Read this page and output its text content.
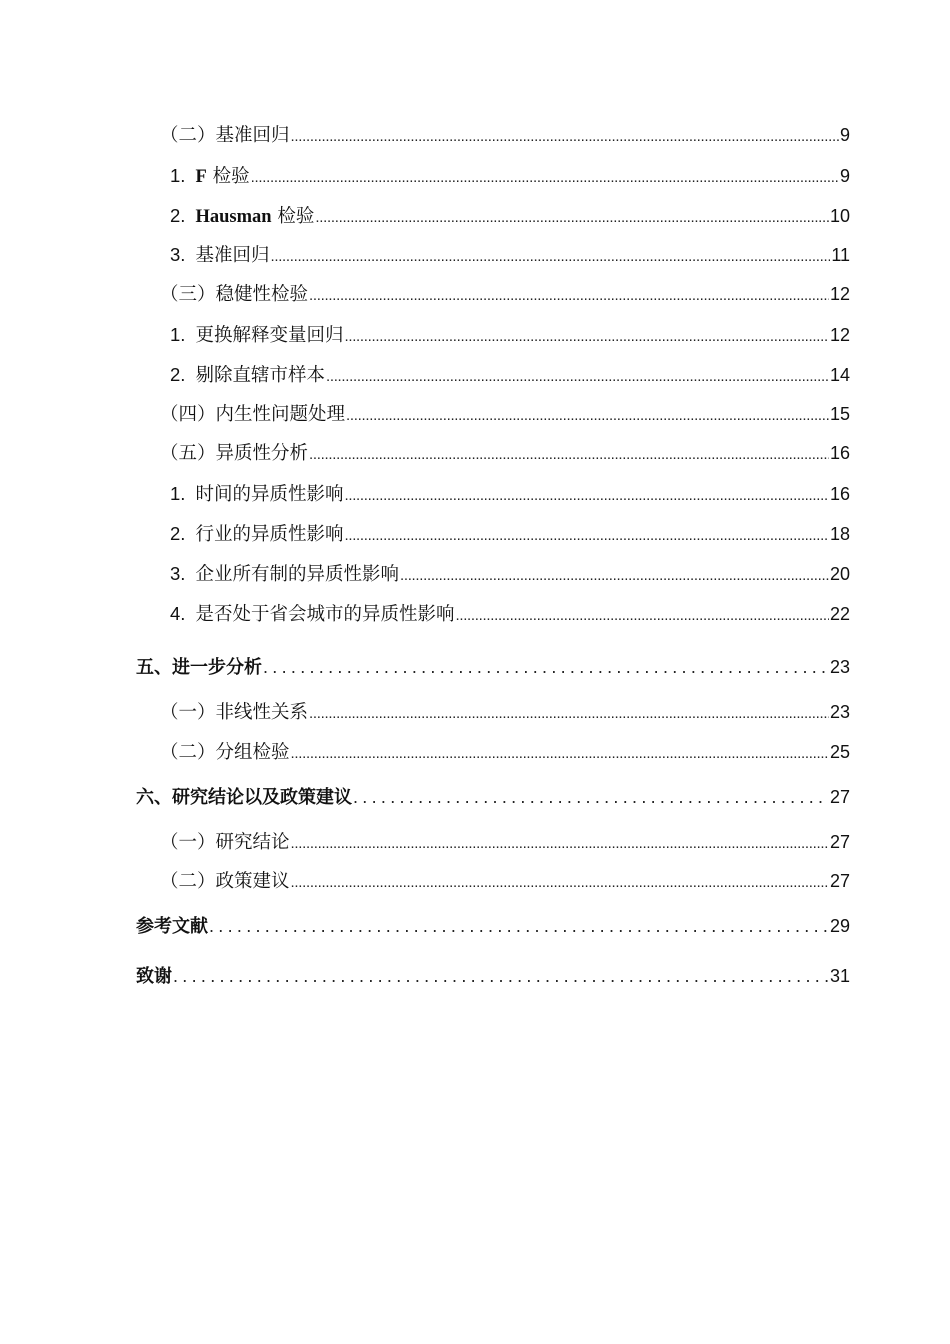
（二）基准回归 .....	9
1. F 检验 .....	9
2. Hausman 检验 .....	10
3. 基准回归 .....	11
（三）稳健性检验 .....	12
1. 更换解释变量回归 .....	12
2. 剔除直辖市样本 .....	14
（四）内生性问题处理 .....	15
（五）异质性分析 .....	16
1. 时间的异质性影响 .....	16
2. 行业的异质性影响 .....	18
3. 企业所有制的异质性影响 .....	20
4. 是否处于省会城市的异质性影响 .....	22
五、进一步分析 .....	23
（一）非线性关系 .....	23
（二）分组检验 .....	25
六、研究结论以及政策建议 .....	27
（一）研究结论 .....	27
（二）政策建议 .....	27
参考文献 .....	29
致谢 .....	31
